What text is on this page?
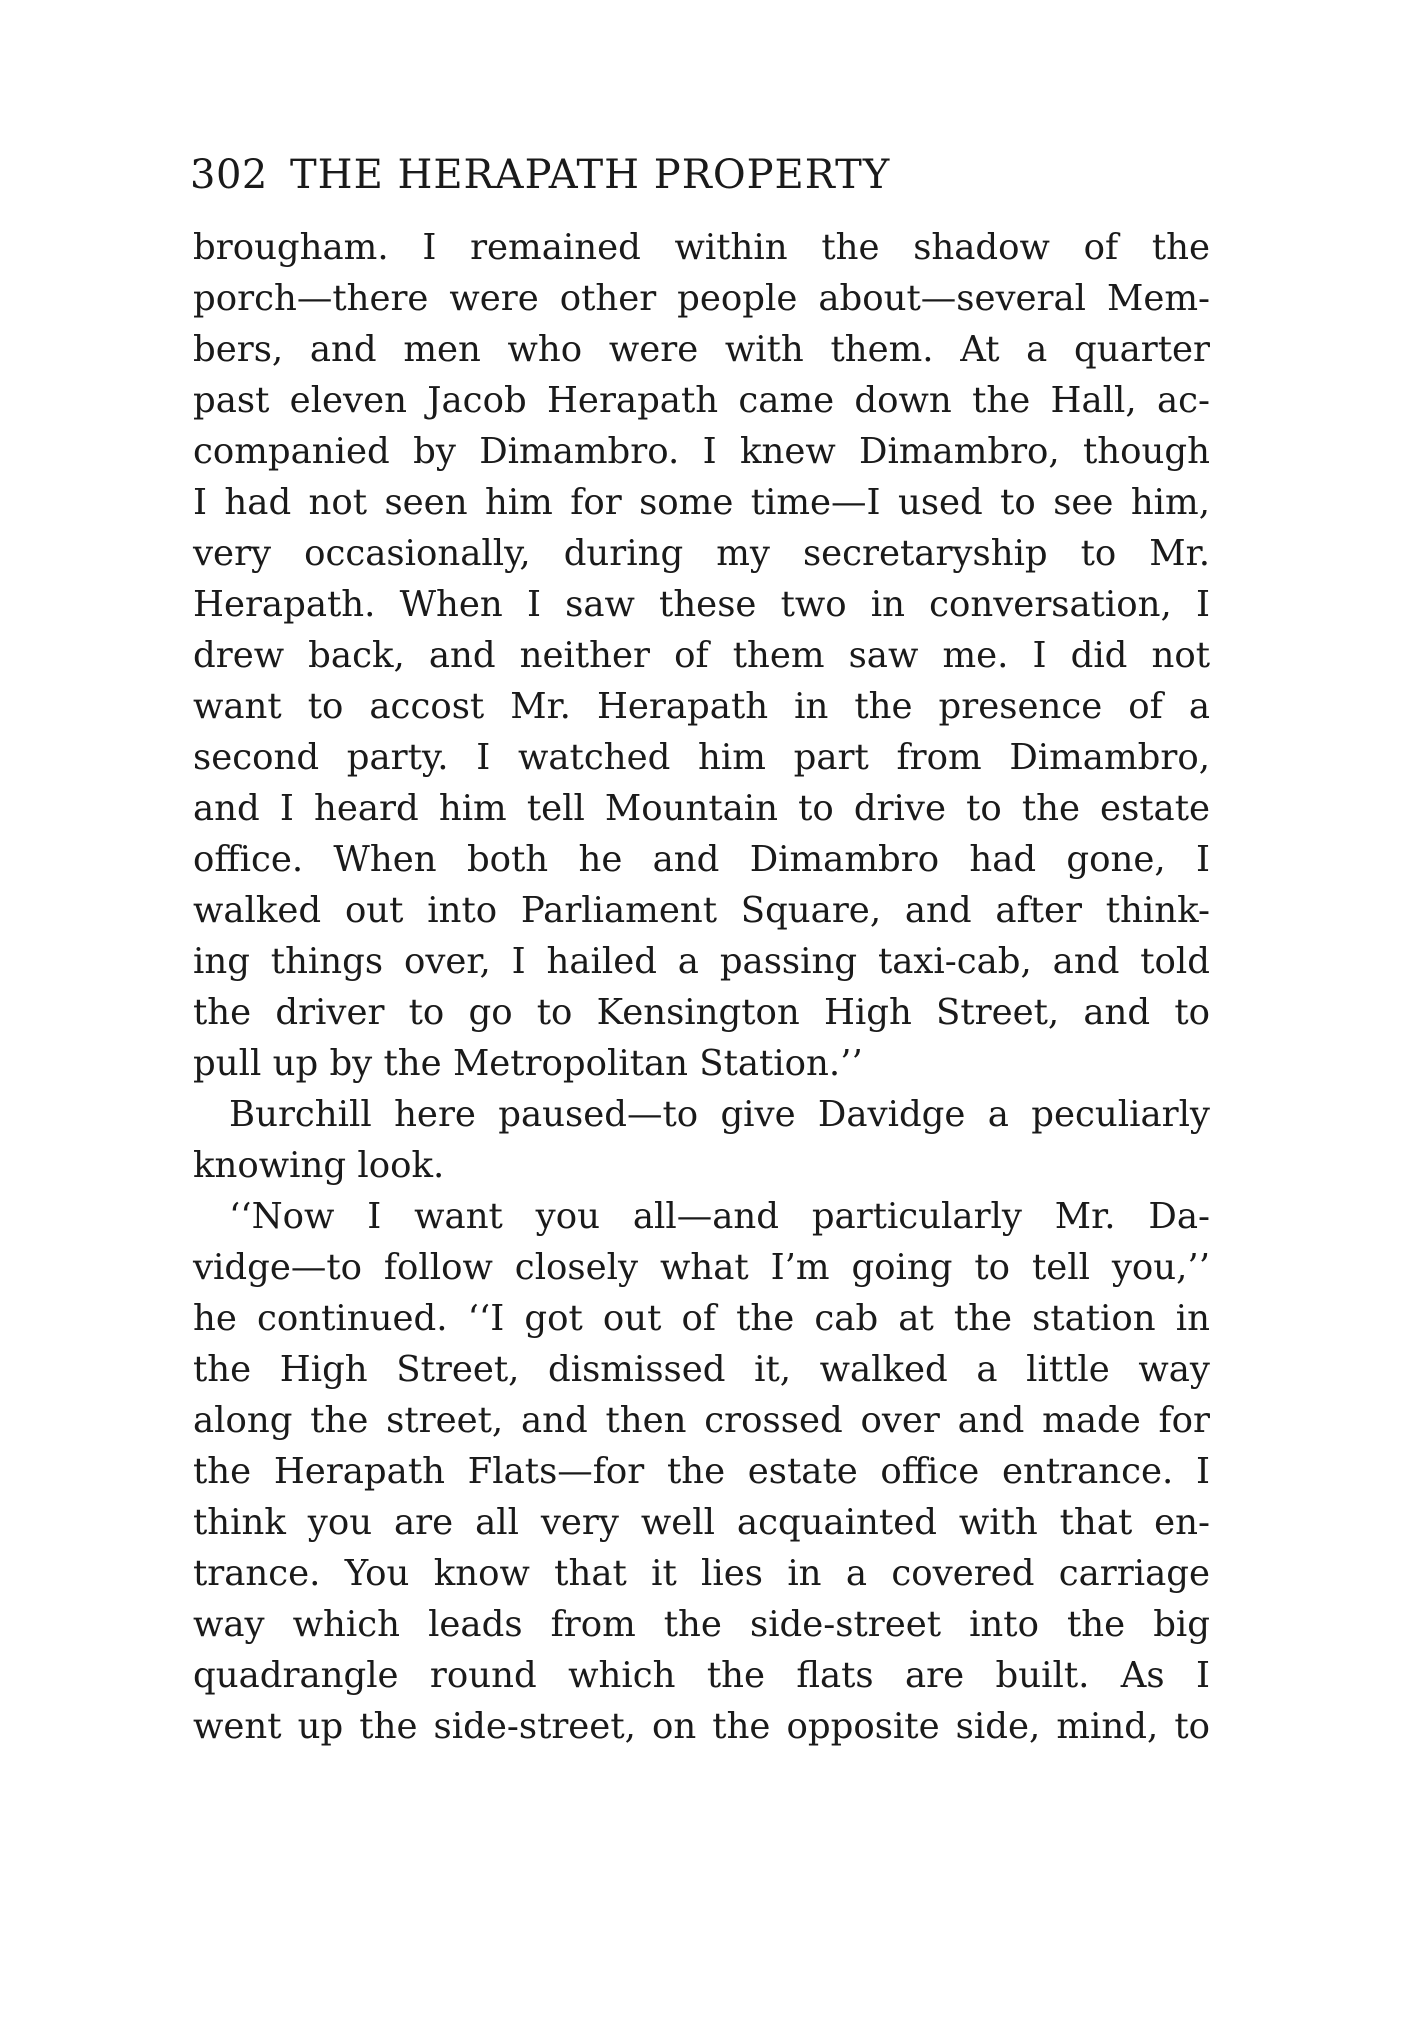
302 THE HERAPATH PROPERTY
brougham. I remained within the shadow of the
porch—there were other people about—several Mem-
bers, and men who were with them. At a quarter
past eleven Jacob Herapath came down the Hall, ac-
companied by Dimambro. I knew Dimambro, though
I had not seen him for some time—I used to see him,
very occasionally, during my secretaryship to Mr.
Herapath. When I saw these two in conversation, I
drew back, and neither of them saw me. I did not
want to accost Mr. Herapath in the presence of a
second party. I watched him part from Dimambro,
and I heard him tell Mountain to drive to the estate
office. When both he and Dimambro had gone, I
walked out into Parliament Square, and after think-
ing things over, I hailed a passing taxi-cab, and told
the driver to go to Kensington High Street, and to
pull up by the Metropolitan Station.’’
Burchill here paused—to give Davidge a peculiarly
knowing look.
‘‘Now I want you all—and particularly Mr. Da-
vidge—to follow closely what I’m going to tell you,’’
he continued. ‘‘I got out of the cab at the station in
the High Street, dismissed it, walked a little way
along the street, and then crossed over and made for
the Herapath Flats—for the estate office entrance. I
think you are all very well acquainted with that en-
trance. You know that it lies in a covered carriage
way which leads from the side-street into the big
quadrangle round which the flats are built. As I
went up the side-street, on the opposite side, mind, to
